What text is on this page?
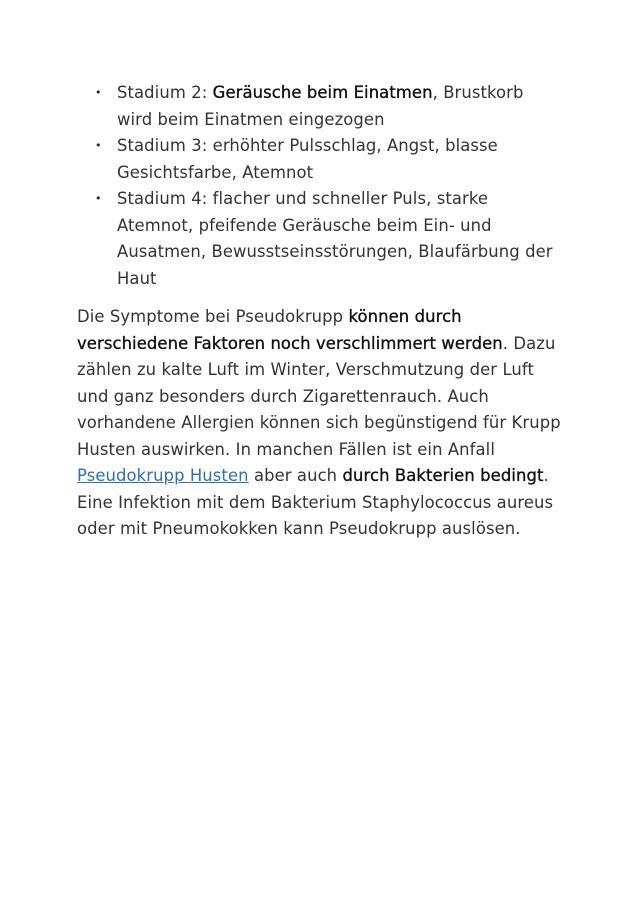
• Stadium 2: Geräusche beim Einatmen, Brustkorb wird beim Einatmen eingezogen
• Stadium 3: erhöhter Pulsschlag, Angst, blasse Gesichtsfarbe, Atemnot
• Stadium 4: flacher und schneller Puls, starke Atemnot, pfeifende Geräusche beim Ein- und Ausatmen, Bewusstseinsstörungen, Blaufärbung der Haut

Die Symptome bei Pseudokrupp können durch verschiedene Faktoren noch verschlimmert werden. Dazu zählen zu kalte Luft im Winter, Verschmutzung der Luft und ganz besonders durch Zigarettenrauch. Auch vorhandene Allergien können sich begünstigend für Krupp Husten auswirken. In manchen Fällen ist ein Anfall Pseudokrupp Husten aber auch durch Bakterien bedingt. Eine Infektion mit dem Bakterium Staphylococcus aureus oder mit Pneumokokken kann Pseudokrupp auslösen.
